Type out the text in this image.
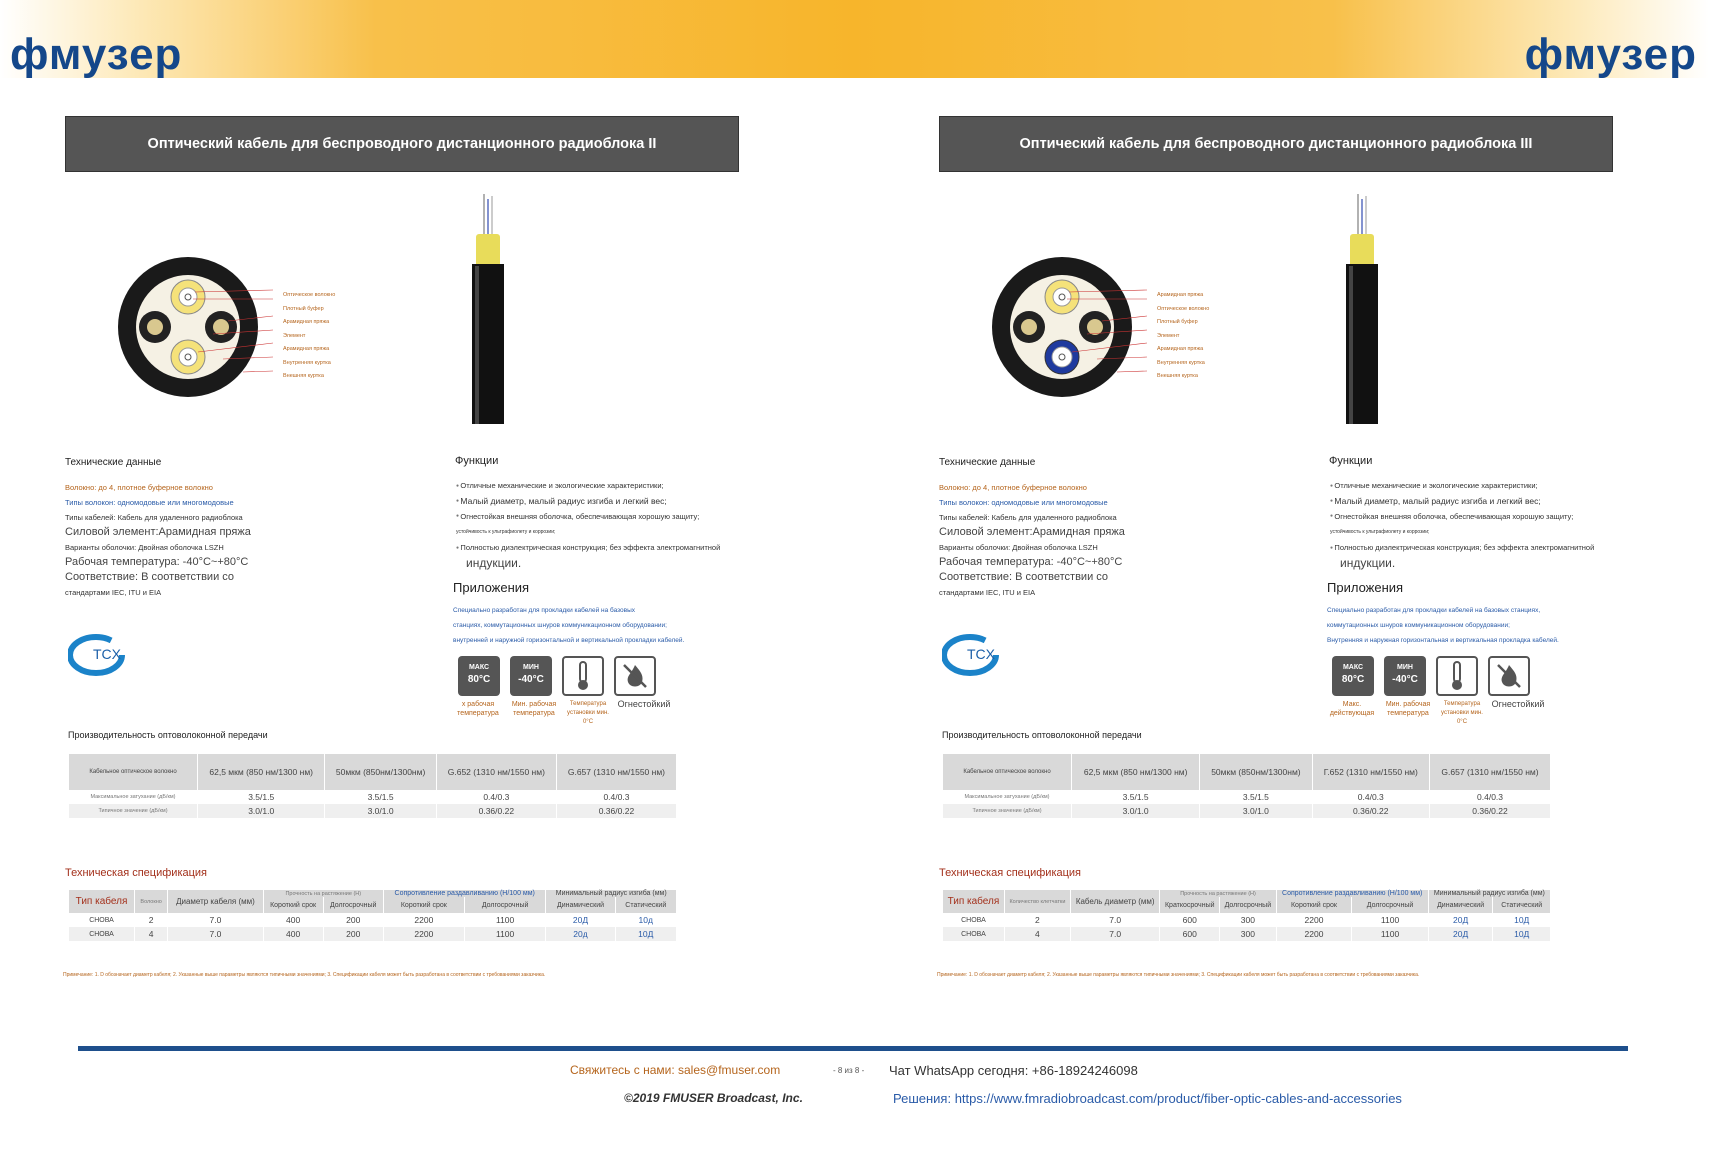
фмузер	фмузер
Оптический кабель для беспроводного дистанционного радиоблока II
Оптическое волокно
Плотный буфер
Арамидная пряжа
Элемент
Арамидная пряжа
Внутренняя куртка
Внешняя куртка
Технические данные
Волокно: до 4, плотное буферное волокно
Типы волокон: одномодовые или многомодовые
Типы кабелей: Кабель для удаленного радиоблока
Силовой элемент:Арамидная пряжа
Варианты оболочки: Двойная оболочка LSZH
Рабочая температура: -40°C~+80°C
Соответствие: В соответствии со
стандартами IEC, ITU и EIA
Функции
● Отличные механические и экологические характеристики;
● Малый диаметр, малый радиус изгиба и легкий вес;
● Огнестойкая внешняя оболочка, обеспечивающая хорошую защиту;
устойчивость к ультрафиолету и коррозии;
● Полностью диэлектрическая конструкция; без эффекта электромагнитной
индукции.
Приложения
Специально разработан для прокладки кабелей на базовых
станциях, коммутационных шнуров коммуникационном оборудовании;
внутренней и наружной горизонтальной и вертикальной прокладки кабелей.
TCX
МАКС
80°C
МИН
-40°C
х рабочая температура
Мин. рабочая температура
Температура установки мин. 0°C
Огнестойкий
Производительность оптоволоконной передачи
Кабельное оптическое волокно	62,5 мкм (850 нм/1300 нм)	50мкм (850нм/1300нм)	G.652 (1310 нм/1550 нм)	G.657 (1310 нм/1550 нм)
Максимальное затухание (дБ/км)	3.5/1.5	3.5/1.5	0.4/0.3	0.4/0.3
Типичное значение (дБ/км)	3.0/1.0	3.0/1.0	0.36/0.22	0.36/0.22
Техническая спецификация
Тип кабеля	Волокно	Диаметр кабеля (мм)	Прочность на растяжение (Н)		Сопротивление раздавливанию (Н/100 мм)		Минимальный радиус изгиба (мм)	
			Короткий срок	Долгосрочный	Короткий срок	Долгосрочный	Динамический	Статический
СНОВА	2	7.0	400	200	2200	1100	20Д	10д
СНОВА	4	7.0	400	200	2200	1100	20д	10Д
Примечание: 1. D обозначает диаметр кабеля; 2. Указанные выше параметры являются типичными значениями; 3. Спецификации кабеля может быть разработана в соответствии с требованиями заказчика.
Оптический кабель для беспроводного дистанционного радиоблока III
Арамидная пряжа
Оптическое волокно
Плотный буфер
Элемент
Арамидная пряжа
Внутренняя куртка
Внешняя куртка
Технические данные
Волокно: до 4, плотное буферное волокно
Типы волокон: одномодовые или многомодовые
Типы кабелей: Кабель для удаленного радиоблока
Силовой элемент:Арамидная пряжа
Варианты оболочки: Двойная оболочка LSZH
Рабочая температура: -40°C~+80°C
Соответствие: В соответствии со
стандартами IEC, ITU и EIA
Функции
● Отличные механические и экологические характеристики;
● Малый диаметр, малый радиус изгиба и легкий вес;
● Огнестойкая внешняя оболочка, обеспечивающая хорошую защиту;
устойчивость к ультрафиолету и коррозии;
● Полностью диэлектрическая конструкция; без эффекта электромагнитной
индукции.
Приложения
Специально разработан для прокладки кабелей на базовых станциях,
коммутационных шнуров коммуникационном оборудовании;
Внутренняя и наружная горизонтальная и вертикальная прокладка кабелей.
TCX
МАКС
80°C
МИН
-40°C
Макс. действующая
Мин. рабочая температура
Температура установки мин. 0°C
Огнестойкий
Производительность оптоволоконной передачи
Кабельное оптическое волокно	62,5 мкм (850 нм/1300 нм)	50мкм (850нм/1300нм)	Г.652 (1310 нм/1550 нм)	G.657 (1310 нм/1550 нм)
Максимальное затухание (дБ/км)	3.5/1.5	3.5/1.5	0.4/0.3	0.4/0.3
Типичное значение (дБ/км)	3.0/1.0	3.0/1.0	0.36/0.22	0.36/0.22
Техническая спецификация
Тип кабеля	Количество клетчатки	Кабель диаметр (мм)	Прочность на растяжение (Н)		Сопротивление раздавливанию (Н/100 мм)		Минимальный радиус изгиба (мм)	
			Краткосрочный	Долгосрочный	Короткий срок	Долгосрочный	Динамический	Статический
СНОВА	2	7.0	600	300	2200	1100	20Д	10Д
СНОВА	4	7.0	600	300	2200	1100	20Д	10Д
Примечание: 1. D обозначает диаметр кабеля; 2. Указанные выше параметры являются типичными значениями; 3. Спецификации кабеля может быть разработана в соответствии с требованиями заказчика.
Свяжитесь с нами: sales@fmuser.com	- 8 из 8 - Чат WhatsApp сегодня: +86-18924246098
©2019 FMUSER Broadcast, Inc.	Решения: https://www.fmradiobroadcast.com/product/fiber-optic-cables-and-accessories
